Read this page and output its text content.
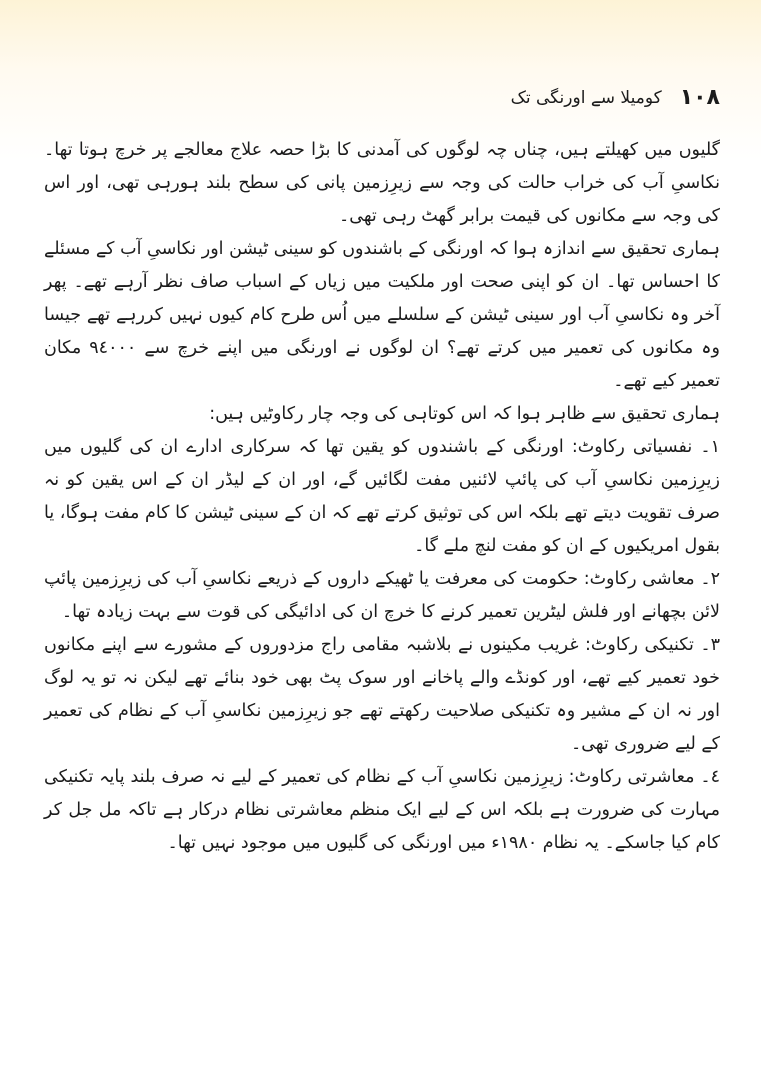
١٠٨
کومیلا سے اورنگی تک

گلیوں میں کھیلتے ہیں، چناں چہ لوگوں کی آمدنی کا بڑا حصہ علاج معالجے پر خرچ ہوتا تھا۔ نکاسیِ آب کی خراب حالت کی وجہ سے زیرِزمین پانی کی سطح بلند ہورہی تھی، اور اس کی وجہ سے مکانوں کی قیمت برابر گھٹ رہی تھی۔

ہماری تحقیق سے اندازہ ہوا کہ اورنگی کے باشندوں کو سینی ٹیشن اور نکاسیِ آب کے مسئلے کا احساس تھا۔ ان کو اپنی صحت اور ملکیت میں زیاں کے اسباب صاف نظر آرہے تھے۔ پھر آخر وہ نکاسیِ آب اور سینی ٹیشن کے سلسلے میں اُس طرح کام کیوں نہیں کررہے تھے جیسا وہ مکانوں کی تعمیر میں کرتے تھے؟ ان لوگوں نے اورنگی میں اپنے خرچ سے ٩٤٠٠٠ مکان تعمیر کیے تھے۔

ہماری تحقیق سے ظاہر ہوا کہ اس کوتاہی کی وجہ چار رکاوٹیں ہیں:

١۔ نفسیاتی رکاوٹ: اورنگی کے باشندوں کو یقین تھا کہ سرکاری ادارے ان کی گلیوں میں زیرِزمین نکاسیِ آب کی پائپ لائنیں مفت لگائیں گے، اور ان کے لیڈر ان کے اس یقین کو نہ صرف تقویت دیتے تھے بلکہ اس کی توثیق کرتے تھے کہ ان کے سینی ٹیشن کا کام مفت ہوگا، یا بقول امریکیوں کے ان کو مفت لنچ ملے گا۔

٢۔ معاشی رکاوٹ: حکومت کی معرفت یا ٹھیکے داروں کے ذریعے نکاسیِ آب کی زیرِزمین پائپ لائن بچھانے اور فلش لیٹرین تعمیر کرنے کا خرچ ان کی ادائیگی کی قوت سے بہت زیادہ تھا۔

٣۔ تکنیکی رکاوٹ: غریب مکینوں نے بلاشبہ مقامی راج مزدوروں کے مشورے سے اپنے مکانوں خود تعمیر کیے تھے، اور کونڈے والے پاخانے اور سوک پٹ بھی خود بنائے تھے لیکن نہ تو یہ لوگ اور نہ ان کے مشیر وہ تکنیکی صلاحیت رکھتے تھے جو زیرِزمین نکاسیِ آب کے نظام کی تعمیر کے لیے ضروری تھی۔

٤۔ معاشرتی رکاوٹ: زیرِزمین نکاسیِ آب کے نظام کی تعمیر کے لیے نہ صرف بلند پایہ تکنیکی مہارت کی ضرورت ہے بلکہ اس کے لیے ایک منظم معاشرتی نظام درکار ہے تاکہ مل جل کر کام کیا جاسکے۔ یہ نظام ١٩٨٠ء میں اورنگی کی گلیوں میں موجود نہیں تھا۔
